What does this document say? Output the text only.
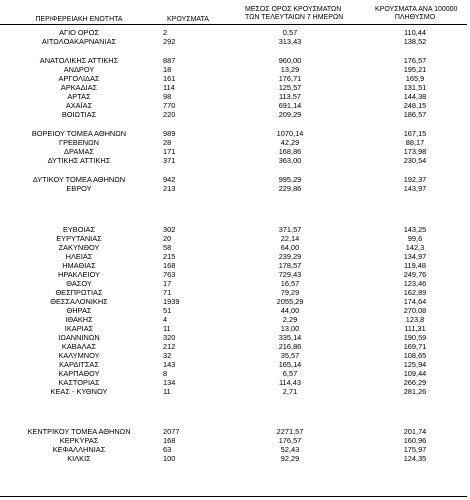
ΠΕΡΙΦΕΡΕΙΑΚΗ ΕΝΟΤΗΤΑ	ΚΡΟΥΣΜΑΤΑ
ΜΕΣΟΣ ΟΡΟΣ ΚΡΟΥΣΜΑΤΩΝ
ΤΩΝ ΤΕΛΕΥΤΑΙΩΝ 7 ΗΜΕΡΩΝ
ΚΡΟΥΣΜΑΤΑ ΑΝΑ 100000
ΠΛΗΘΥΣΜΟ
ΑΓΙΟ ΟΡΟΣ	2	0,57	110,44
ΑΙΤΩΛΟΑΚΑΡΝΑΝΙΑΣ	292	313,43	138,52
ΑΝΑΤΟΛΙΚΗΣ ΑΤΤΙΚΗΣ	887	960,00	176,57
ΑΝΔΡΟΥ	18	13,29	195,21
ΑΡΓΟΛΙΔΑΣ	161	176,71	165,9
ΑΡΚΑΔΙΑΣ	114	125,57	131,51
ΑΡΤΑΣ	98	113,57	144,38
ΑΧΑΪΑΣ	770	691,14	248,15
ΒΟΙΩΤΙΑΣ	220	209,29	186,57
ΒΟΡΕΙΟΥ ΤΟΜΕΑ ΑΘΗΝΩΝ	989	1070,14	167,15
ΓΡΕΒΕΝΩΝ	28	42,29	88,17
ΔΡΑΜΑΣ	171	168,86	173,98
ΔΥΤΙΚΗΣ ΑΤΤΙΚΗΣ	371	363,00	230,54
ΔΥΤΙΚΟΥ ΤΟΜΕΑ ΑΘΗΝΩΝ	942	995,29	192,37
ΕΒΡΟΥ	213	229,86	143,97
ΕΥΒΟΙΑΣ	302	371,57	143,25
ΕΥΡΥΤΑΝΙΑΣ	20	22,14	99,6
ΖΑΚΥΝΘΟΥ	58	64,00	142,3
ΗΛΕΙΑΣ	215	239,29	134,97
ΗΜΑΘΙΑΣ	168	178,57	119,48
ΗΡΑΚΛΕΙΟΥ	763	729,43	249,76
ΘΑΣΟΥ	17	16,57	123,46
ΘΕΣΠΡΩΤΙΑΣ	71	79,29	162,89
ΘΕΣΣΑΛΟΝΙΚΗΣ	1939	2055,29	174,64
ΘΗΡΑΣ	51	44,00	270,08
ΙΘΑΚΗΣ	4	2,29	123,8
ΙΚΑΡΙΑΣ	11	13,00	111,31
ΙΩΑΝΝΙΝΩΝ	320	335,14	190,59
ΚΑΒΑΛΑΣ	212	216,86	169,71
ΚΑΛΥΜΝΟΥ	32	35,57	108,65
ΚΑΡΔΙΤΣΑΣ	143	165,14	125,94
ΚΑΡΠΑΘΟΥ	8	6,57	109,44
ΚΑΣΤΟΡΙΑΣ	134	114,43	266,29
ΚΕΑΣ - ΚΥΘΝΟΥ	11	2,71	281,26
ΚΕΝΤΡΙΚΟΥ ΤΟΜΕΑ ΑΘΗΝΩΝ	2077	2271,57	201,74
ΚΕΡΚΥΡΑΣ	168	176,57	160,96
ΚΕΦΑΛΛΗΝΙΑΣ	63	52,43	175,97
ΚΙΛΚΙΣ	100	92,29	124,35
